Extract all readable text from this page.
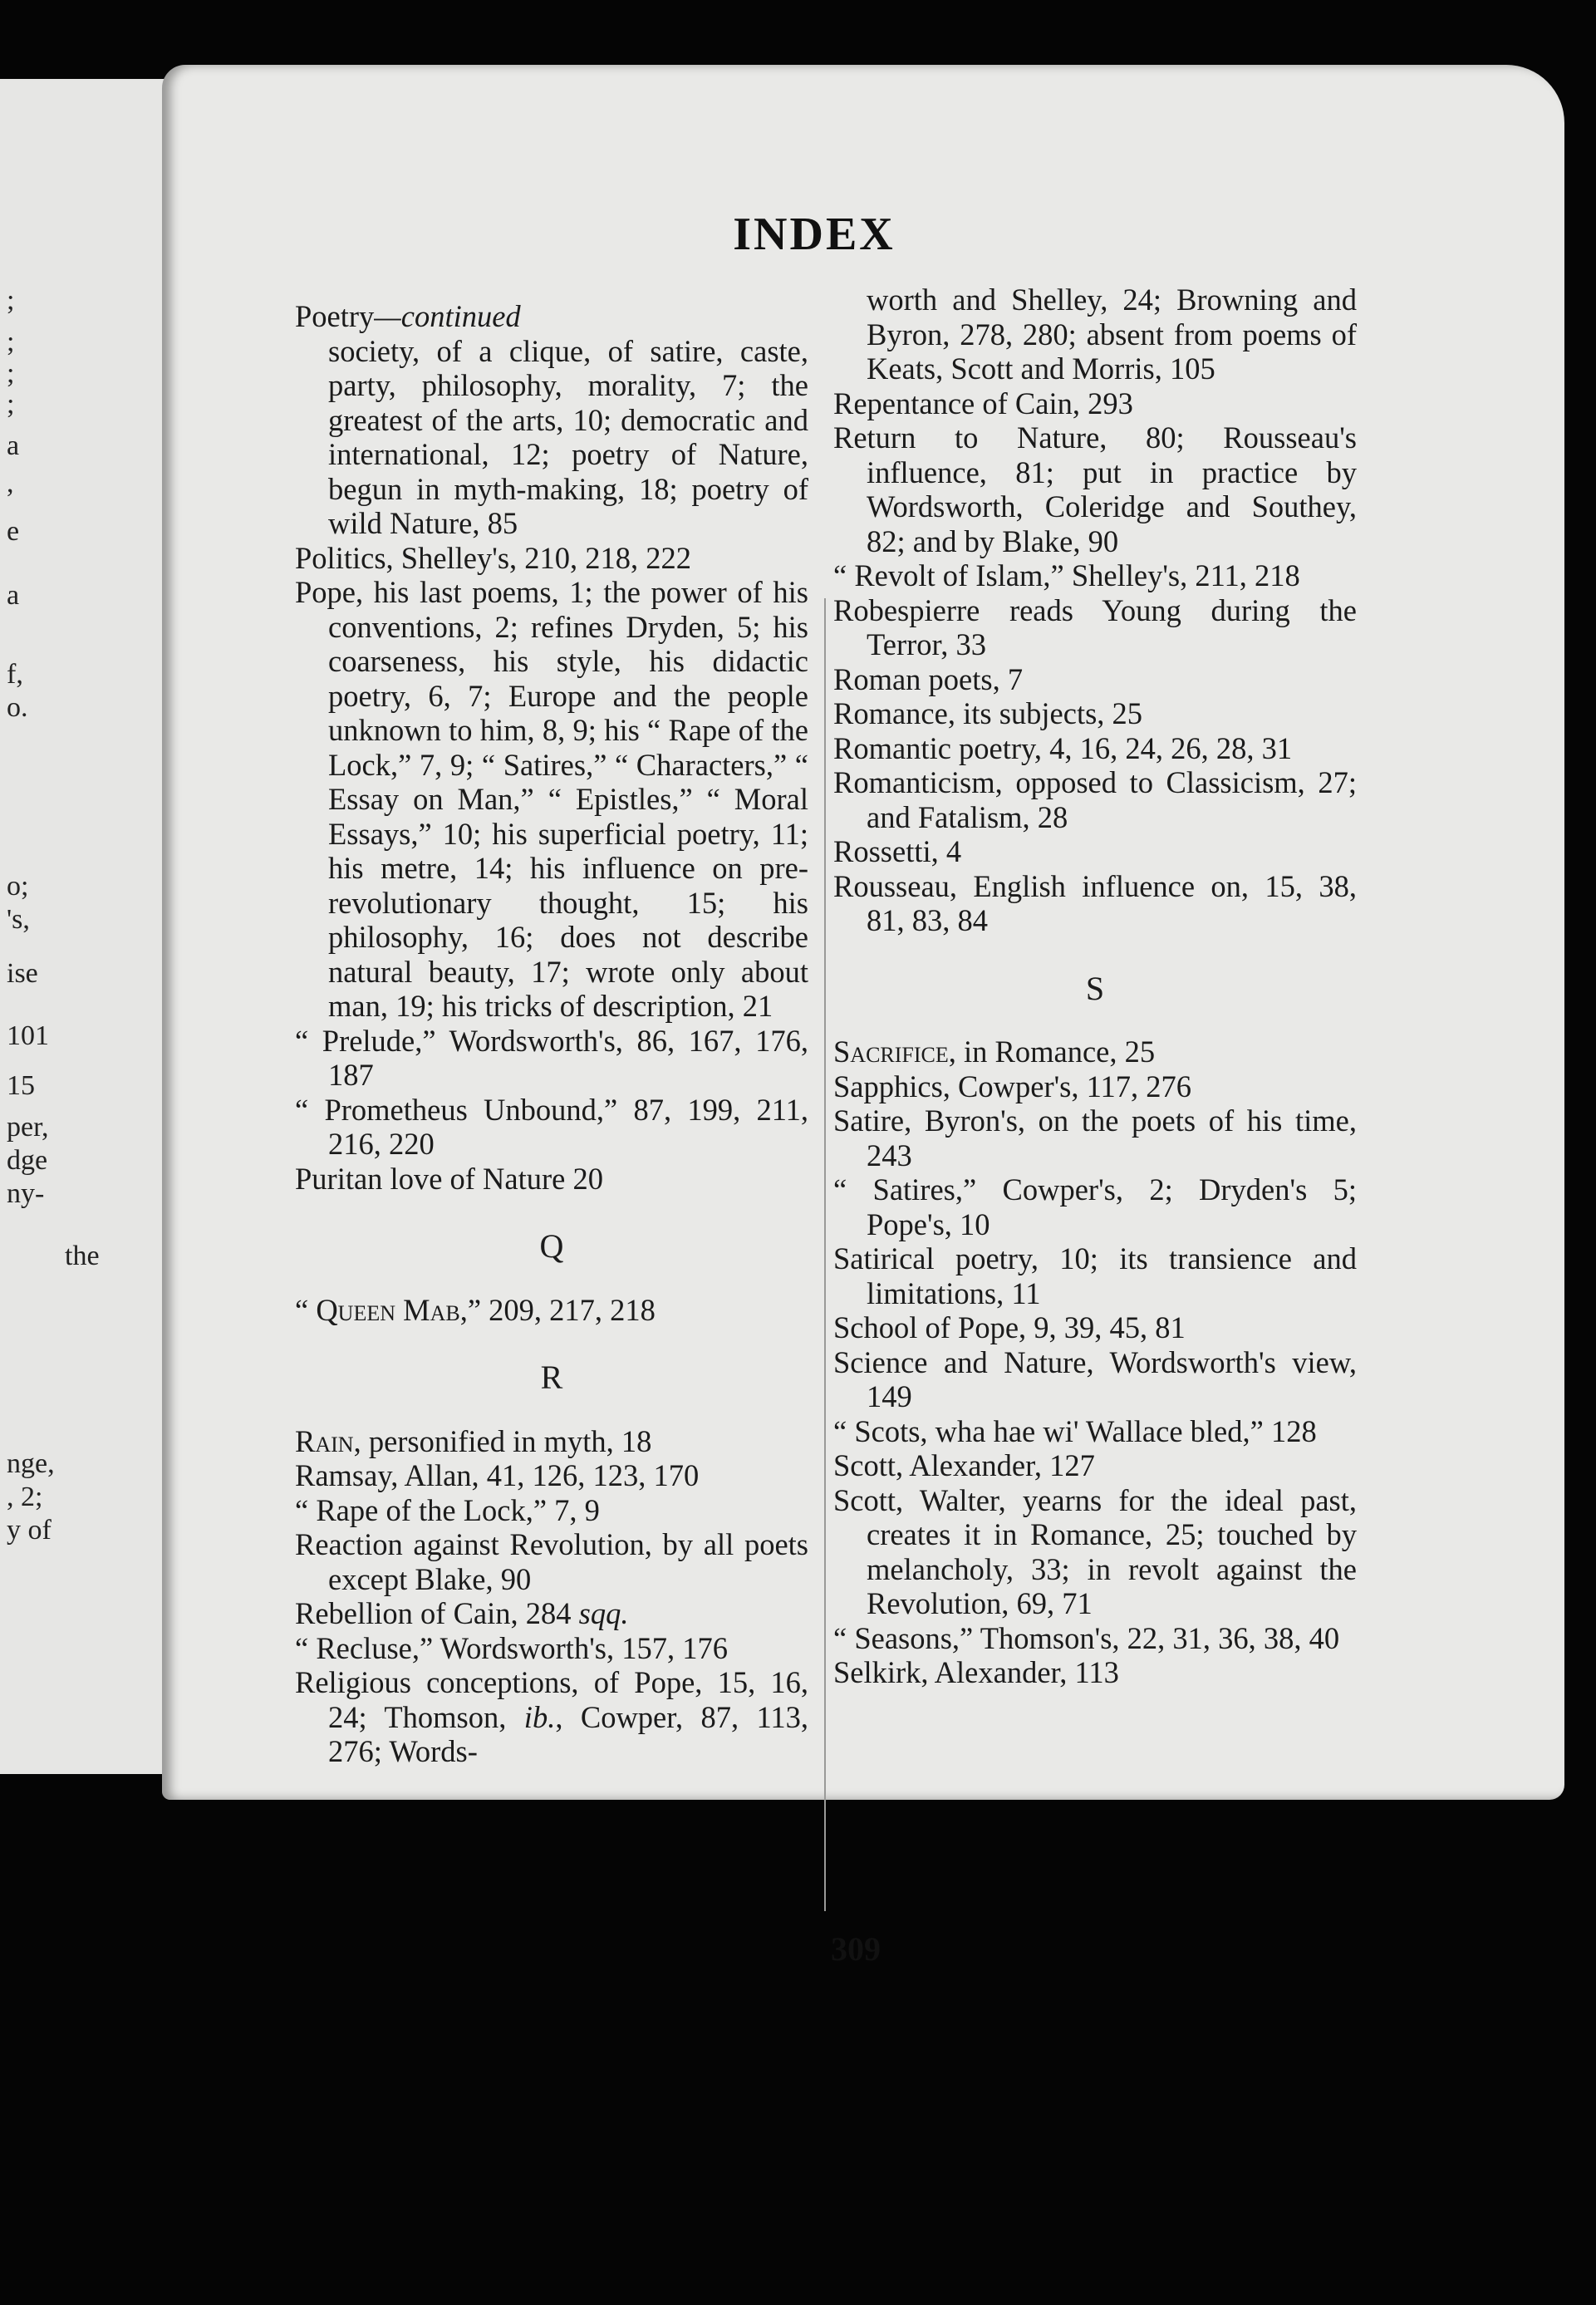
;
;
;
;
a
,
e
a
f,
o.
o;
's,
ise
101
15
per,
dge
ny-
the
nge,
, 2;
y of
INDEX

Poetry—continued

society, of a clique, of satire, caste, party, philosophy, morality, 7; the greatest of the arts, 10; democratic and international, 12; poetry of Nature, begun in myth-making, 18; poetry of wild Nature, 85

Politics, Shelley's, 210, 218, 222

Pope, his last poems, 1; the power of his conventions, 2; refines Dryden, 5; his coarseness, his style, his didactic poetry, 6, 7; Europe and the people unknown to him, 8, 9; his “ Rape of the Lock,” 7, 9; “ Satires,” “ Characters,” “ Essay on Man,” “ Epistles,” “ Moral Essays,” 10; his superficial poetry, 11; his metre, 14; his influence on pre-revolutionary thought, 15; his philosophy, 16; does not describe natural beauty, 17; wrote only about man, 19; his tricks of description, 21

“ Prelude,” Wordsworth's, 86, 167, 176, 187

“ Prometheus Unbound,” 87, 199, 211, 216, 220

Puritan love of Nature 20

Q

“ Queen Mab,” 209, 217, 218

R

Rain, personified in myth, 18

Ramsay, Allan, 41, 126, 123, 170

“ Rape of the Lock,” 7, 9

Reaction against Revolution, by all poets except Blake, 90

Rebellion of Cain, 284 sqq.

“ Recluse,” Wordsworth's, 157, 176

Religious conceptions, of Pope, 15, 16, 24; Thomson, ib., Cowper, 87, 113, 276; Words-

worth and Shelley, 24; Browning and Byron, 278, 280; absent from poems of Keats, Scott and Morris, 105

Repentance of Cain, 293

Return to Nature, 80; Rousseau's influence, 81; put in practice by Wordsworth, Coleridge and Southey, 82; and by Blake, 90

“ Revolt of Islam,” Shelley's, 211, 218

Robespierre reads Young during the Terror, 33

Roman poets, 7

Romance, its subjects, 25

Romantic poetry, 4, 16, 24, 26, 28, 31

Romanticism, opposed to Classicism, 27; and Fatalism, 28

Rossetti, 4

Rousseau, English influence on, 15, 38, 81, 83, 84

S

Sacrifice, in Romance, 25

Sapphics, Cowper's, 117, 276

Satire, Byron's, on the poets of his time, 243

“ Satires,” Cowper's, 2; Dryden's 5; Pope's, 10

Satirical poetry, 10; its transience and limitations, 11

School of Pope, 9, 39, 45, 81

Science and Nature, Wordsworth's view, 149

“ Scots, wha hae wi' Wallace bled,” 128

Scott, Alexander, 127

Scott, Walter, yearns for the ideal past, creates it in Romance, 25; touched by melancholy, 33; in revolt against the Revolution, 69, 71

“ Seasons,” Thomson's, 22, 31, 36, 38, 40

Selkirk, Alexander, 113

309
